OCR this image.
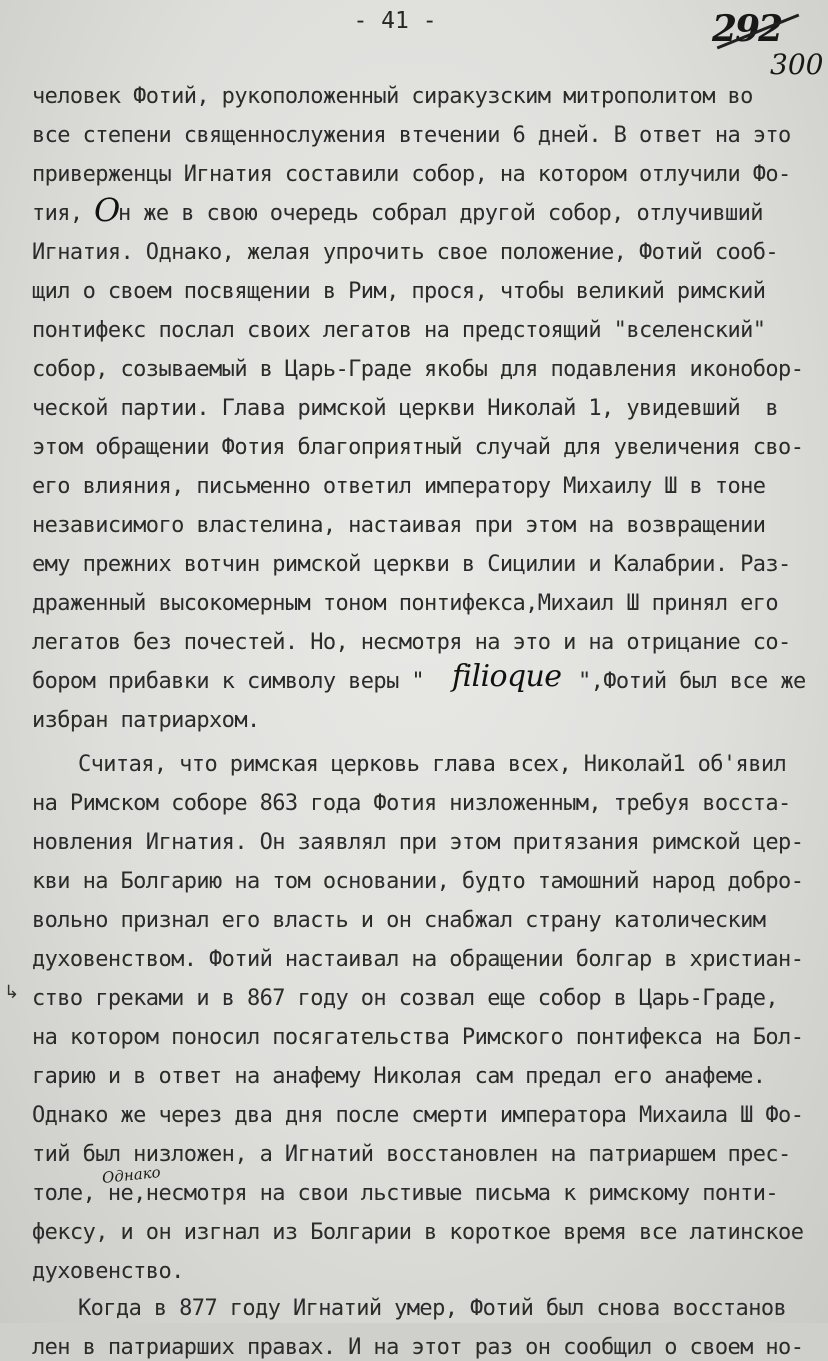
- 41 -	292
300
человек Фотий, рукоположенный сиракузским митрополитом во
все степени священнослужения втечении 6 дней. В ответ на это
приверженцы Игнатия составили собор, на котором отлучили Фо-
тия, О
н же в свою очередь собрал другой собор, отлучивший
Игнатия. Однако, желая упрочить свое положение, Фотий сооб-
щил о своем посвящении в Рим, прося, чтобы великий римский
понтифекс послал своих легатов на предстоящий "вселенский"
собор, созываемый в Царь-Граде якобы для подавления иконобор-
ческой партии. Глава римской церкви Николай 1, увидевший  в
этом обращении Фотия благоприятный случай для увеличения сво-
его влияния, письменно ответил императору Михаилу Ш в тоне
независимого властелина, настаивая при этом на возвращении
ему прежних вотчин римской церкви в Сицилии и Калабрии. Раз-
драженный высокомерным тоном понтифекса,Михаил Ш принял его
легатов без почестей. Но, несмотря на это и на отрицание со-
бором прибавки к символу веры " filioque ",Фотий был все же
избран патриархом.
Считая, что римская церковь глава всех, Николай1 об'явил
на Римском соборе 863 года Фотия низложенным, требуя восста-
новления Игнатия. Он заявлял при этом притязания римской цер-
кви на Болгарию на том основании, будто тамошний народ добро-
вольно признал его власть и он снабжал страну католическим
духовенством. Фотий настаивал на обращении болгар в христиан-
ство греками и в 867 году он созвал еще собор в Царь-Граде,
на котором поносил посягательства Римского понтифекса на Бол-
гарию и в ответ на анафему Николая сам предал его анафеме.
Однако же через два дня после смерти императора Михаила Ш Фо-
тий был низложен, а Игнатий восстановлен на патриаршем прес-
Однако
толе, не,несмотря на свои льстивые письма к римскому понти-
фексу, и он изгнал из Болгарии в короткое время все латинское
духовенство.
Когда в 877 году Игнатий умер, Фотий был снова восстанов
лен в патриарших правах. И на этот раз он сообщил о своем но-
↳
